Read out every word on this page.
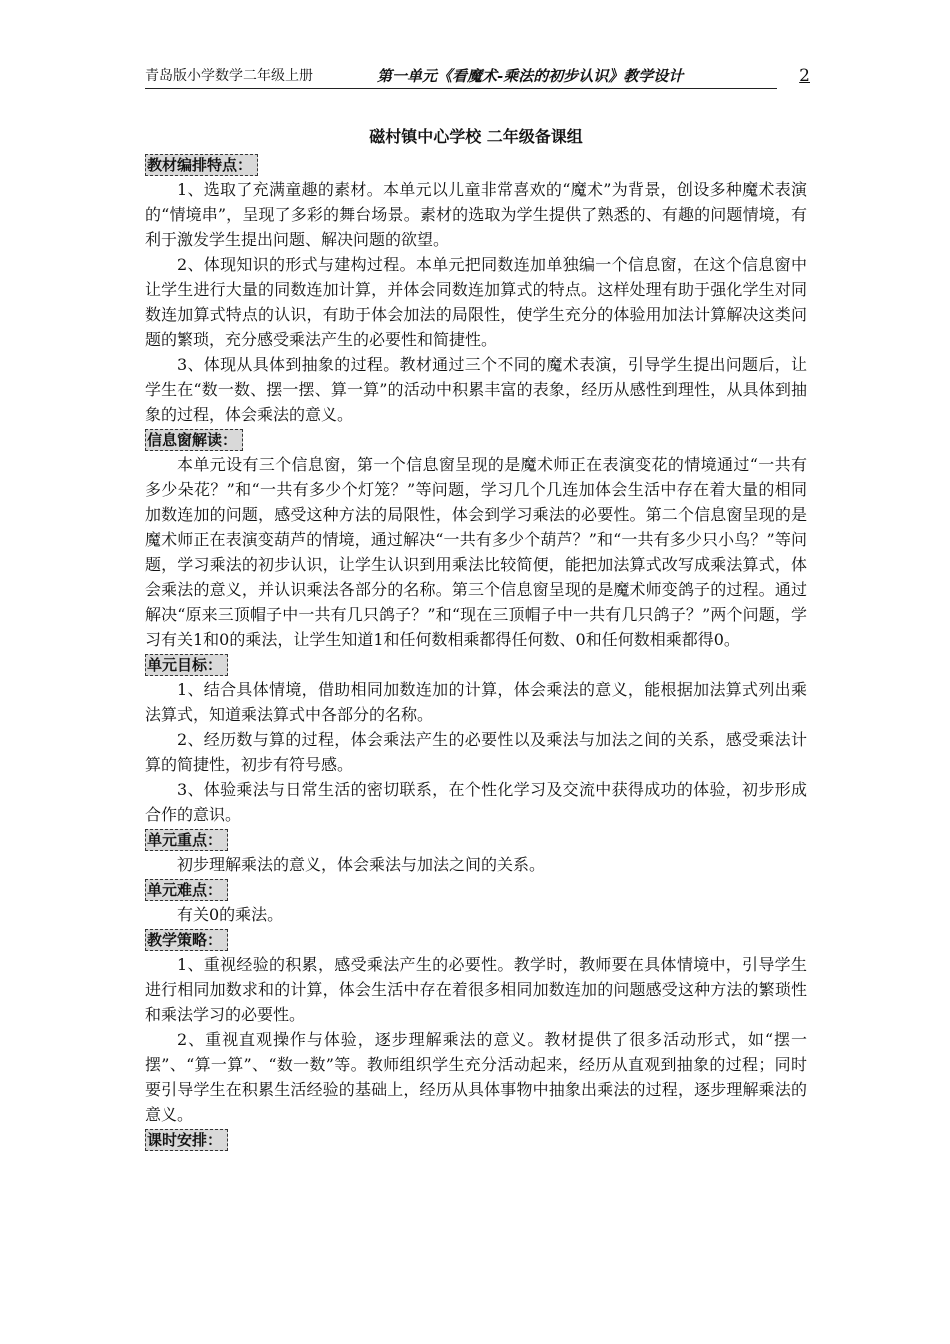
青岛版小学数学二年级上册	第一单元《看魔术-乘法的初步认识》教学设计	2
磁村镇中心学校 二年级备课组
教材编排特点：

1、选取了充满童趣的素材。本单元以儿童非常喜欢的“魔术”为背景，创设多种魔术表演的“情境串”，呈现了多彩的舞台场景。素材的选取为学生提供了熟悉的、有趣的问题情境，有利于激发学生提出问题、解决问题的欲望。

2、体现知识的形式与建构过程。本单元把同数连加单独编一个信息窗，在这个信息窗中让学生进行大量的同数连加计算，并体会同数连加算式的特点。这样处理有助于强化学生对同数连加算式特点的认识，有助于体会加法的局限性，使学生充分的体验用加法计算解决这类问题的繁琐，充分感受乘法产生的必要性和简捷性。

3、体现从具体到抽象的过程。教材通过三个不同的魔术表演，引导学生提出问题后，让学生在“数一数、摆一摆、算一算”的活动中积累丰富的表象，经历从感性到理性，从具体到抽象的过程，体会乘法的意义。

信息窗解读：

本单元设有三个信息窗，第一个信息窗呈现的是魔术师正在表演变花的情境通过“一共有多少朵花？”和“一共有多少个灯笼？”等问题，学习几个几连加体会生活中存在着大量的相同加数连加的问题，感受这种方法的局限性，体会到学习乘法的必要性。第二个信息窗呈现的是魔术师正在表演变葫芦的情境，通过解决“一共有多少个葫芦？”和“一共有多少只小鸟？”等问题，学习乘法的初步认识，让学生认识到用乘法比较简便，能把加法算式改写成乘法算式，体会乘法的意义，并认识乘法各部分的名称。第三个信息窗呈现的是魔术师变鸽子的过程。通过解决“原来三顶帽子中一共有几只鸽子？”和“现在三顶帽子中一共有几只鸽子？”两个问题，学习有关1和0的乘法，让学生知道1和任何数相乘都得任何数、0和任何数相乘都得0。

单元目标：

1、结合具体情境，借助相同加数连加的计算，体会乘法的意义，能根据加法算式列出乘法算式，知道乘法算式中各部分的名称。

2、经历数与算的过程，体会乘法产生的必要性以及乘法与加法之间的关系，感受乘法计算的简捷性，初步有符号感。

3、体验乘法与日常生活的密切联系，在个性化学习及交流中获得成功的体验，初步形成合作的意识。

单元重点：

初步理解乘法的意义，体会乘法与加法之间的关系。

单元难点：

有关0的乘法。

教学策略：

1、重视经验的积累，感受乘法产生的必要性。教学时，教师要在具体情境中，引导学生进行相同加数求和的计算，体会生活中存在着很多相同加数连加的问题感受这种方法的繁琐性和乘法学习的必要性。

2、重视直观操作与体验，逐步理解乘法的意义。教材提供了很多活动形式，如“摆一摆”、“算一算”、“数一数”等。教师组织学生充分活动起来，经历从直观到抽象的过程；同时要引导学生在积累生活经验的基础上，经历从具体事物中抽象出乘法的过程，逐步理解乘法的意义。

课时安排：
